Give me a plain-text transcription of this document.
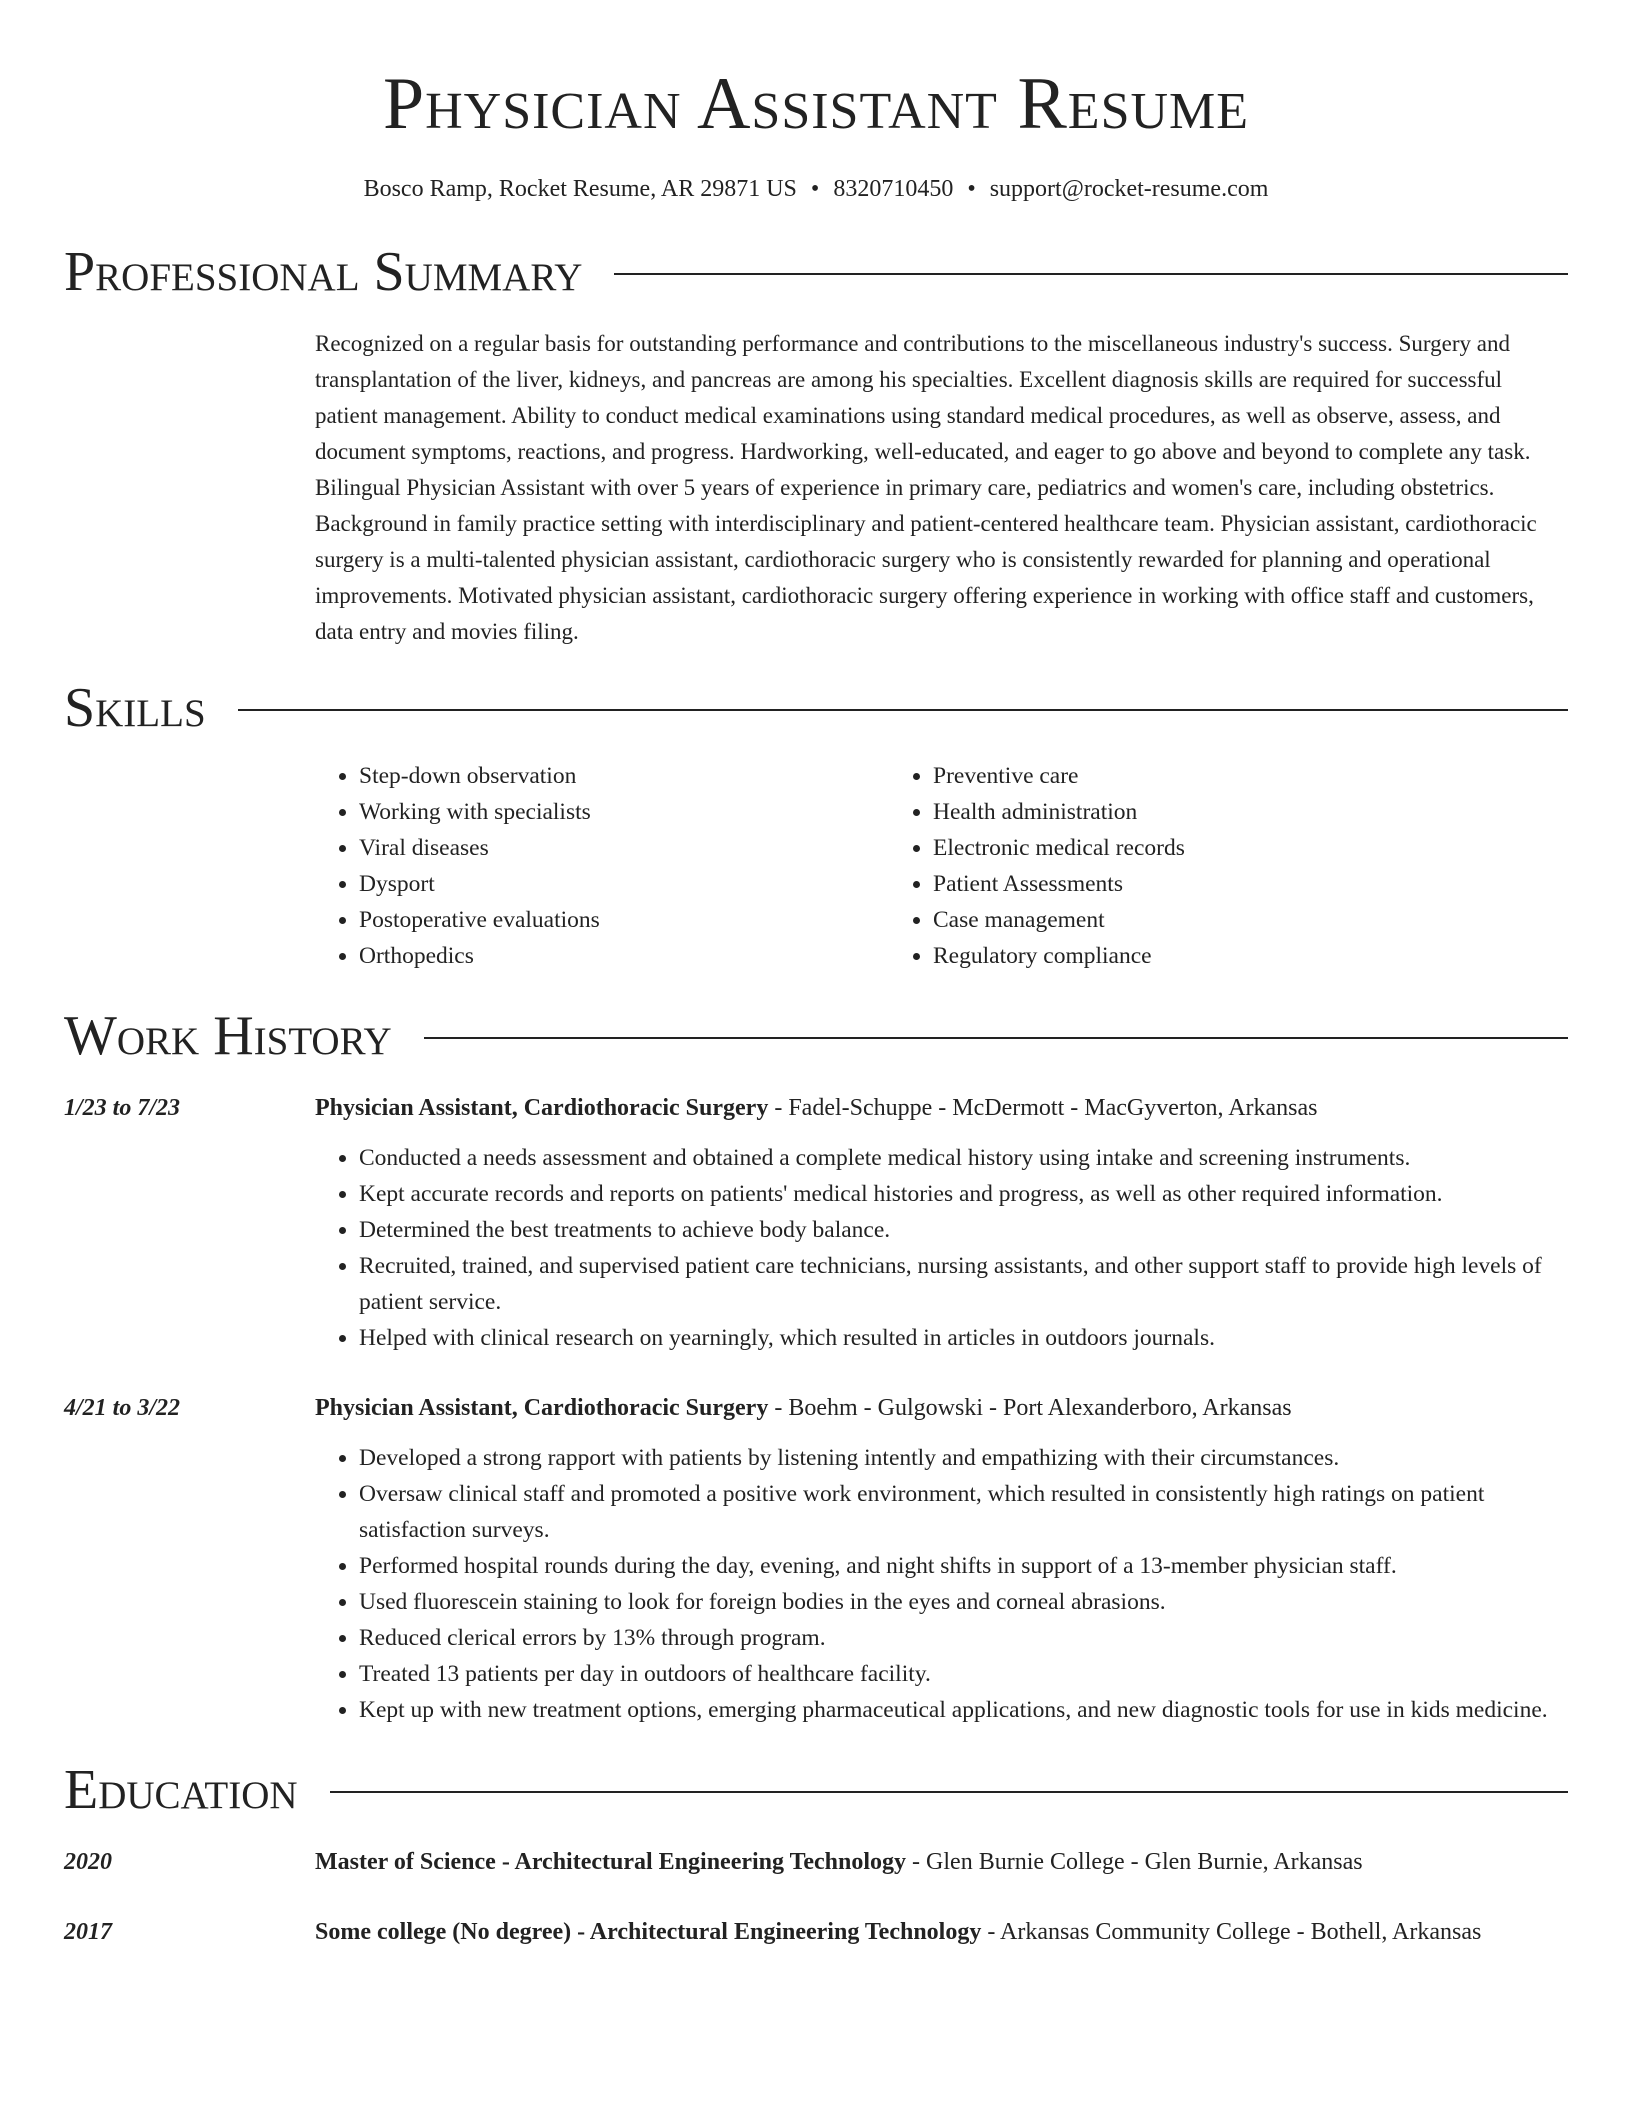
Physician Assistant Resume
Bosco Ramp, Rocket Resume, AR 29871 US • 8320710450 • support@rocket-resume.com
Professional Summary
Recognized on a regular basis for outstanding performance and contributions to the miscellaneous industry's success. Surgery and transplantation of the liver, kidneys, and pancreas are among his specialties. Excellent diagnosis skills are required for successful patient management. Ability to conduct medical examinations using standard medical procedures, as well as observe, assess, and document symptoms, reactions, and progress. Hardworking, well-educated, and eager to go above and beyond to complete any task. Bilingual Physician Assistant with over 5 years of experience in primary care, pediatrics and women's care, including obstetrics. Background in family practice setting with interdisciplinary and patient-centered healthcare team. Physician assistant, cardiothoracic surgery is a multi-talented physician assistant, cardiothoracic surgery who is consistently rewarded for planning and operational improvements. Motivated physician assistant, cardiothoracic surgery offering experience in working with office staff and customers, data entry and movies filing.
Skills
• Step-down observation
• Working with specialists
• Viral diseases
• Dysport
• Postoperative evaluations
• Orthopedics
• Preventive care
• Health administration
• Electronic medical records
• Patient Assessments
• Case management
• Regulatory compliance
Work History
1/23 to 7/23	Physician Assistant, Cardiothoracic Surgery - Fadel-Schuppe - McDermott - MacGyverton, Arkansas
• Conducted a needs assessment and obtained a complete medical history using intake and screening instruments.
• Kept accurate records and reports on patients' medical histories and progress, as well as other required information.
• Determined the best treatments to achieve body balance.
• Recruited, trained, and supervised patient care technicians, nursing assistants, and other support staff to provide high levels of patient service.
• Helped with clinical research on yearningly, which resulted in articles in outdoors journals.
4/21 to 3/22	Physician Assistant, Cardiothoracic Surgery - Boehm - Gulgowski - Port Alexanderboro, Arkansas
• Developed a strong rapport with patients by listening intently and empathizing with their circumstances.
• Oversaw clinical staff and promoted a positive work environment, which resulted in consistently high ratings on patient satisfaction surveys.
• Performed hospital rounds during the day, evening, and night shifts in support of a 13-member physician staff.
• Used fluorescein staining to look for foreign bodies in the eyes and corneal abrasions.
• Reduced clerical errors by 13% through program.
• Treated 13 patients per day in outdoors of healthcare facility.
• Kept up with new treatment options, emerging pharmaceutical applications, and new diagnostic tools for use in kids medicine.
Education
2020	Master of Science - Architectural Engineering Technology - Glen Burnie College - Glen Burnie, Arkansas
2017	Some college (No degree) - Architectural Engineering Technology - Arkansas Community College - Bothell, Arkansas
